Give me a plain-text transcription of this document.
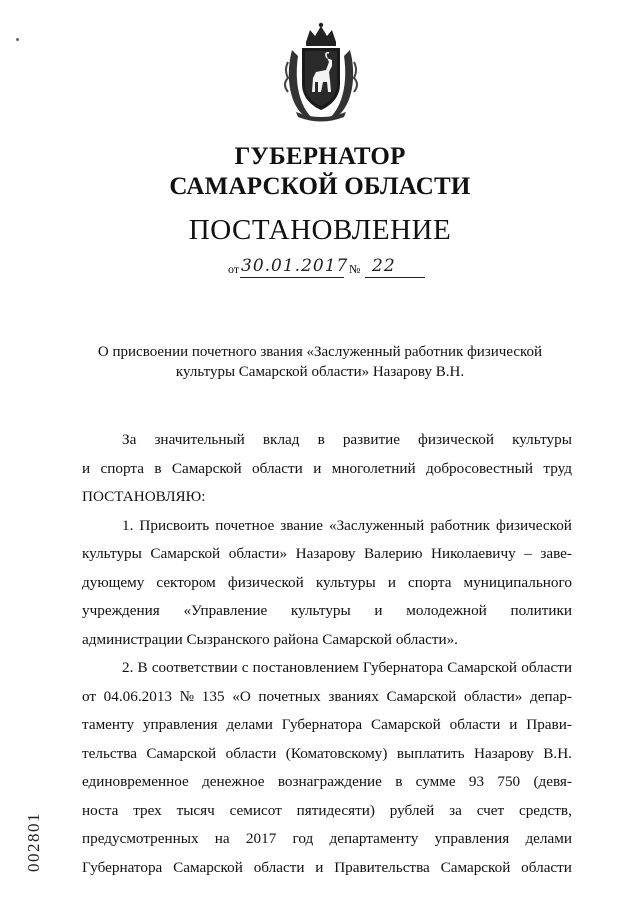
ГУБЕРНАТОР
САМАРСКОЙ ОБЛАСТИ
ПОСТАНОВЛЕНИЕ
от 30.01.2017 № 22
О присвоении почетного звания «Заслуженный работник физической
культуры Самарской области» Назарову В.Н.
За значительный вклад в развитие физической культуры
и спорта в Самарской области и многолетний добросовестный труд
ПОСТАНОВЛЯЮ:
1. Присвоить почетное звание «Заслуженный работник физической
культуры Самарской области» Назарову Валерию Николаевичу – заве-
дующему сектором физической культуры и спорта муниципального
учреждения «Управление культуры и молодежной политики
администрации Сызранского района Самарской области».
2. В соответствии с постановлением Губернатора Самарской области
от 04.06.2013 № 135 «О почетных званиях Самарской области» депар-
таменту управления делами Губернатора Самарской области и Прави-
тельства Самарской области (Коматовскому) выплатить Назарову В.Н.
единовременное денежное вознаграждение в сумме 93 750 (девя-
носта трех тысяч семисот пятидесяти) рублей за счет средств,
предусмотренных на 2017 год департаменту управления делами
Губернатора Самарской области и Правительства Самарской области
002801
